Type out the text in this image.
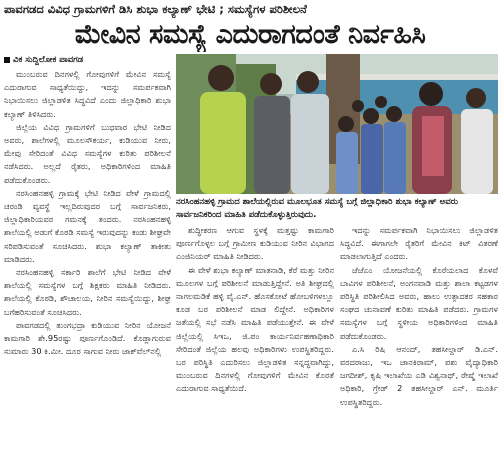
ಪಾವಗಡದ ವಿವಿಧ ಗ್ರಾಮಗಳಿಗೆ ಡಿಸಿ ಶುಭಾ ಕಲ್ಯಾಣ್ ಭೇಟಿ ; ಸಮಸ್ಯೆಗಳ ಪರಿಶೀಲನೆ
ಮೇವಿನ ಸಮಸ್ಯೆ ಎದುರಾಗದಂತೆ ನಿರ್ವಹಿಸಿ
ವಿಕ ಸುದ್ದಿಲೋಕ ಪಾವಗಡ

ಮುಂಬರುವ ದಿನಗಳಲ್ಲಿ ಗೋವುಗಳಿಗೆ ಮೇವಿನ ಸಮಸ್ಯೆ ಎದುರಾಗುವ ಸಾಧ್ಯತೆಯಿದ್ದು, ಇದನ್ನು ಸಮರ್ಪಕವಾಗಿ ನಿಭಾಯಿಸಲು ಜಿಲ್ಲಾಡಳಿತ ಸಿದ್ಧವಿದೆ ಎಂದು ಜಿಲ್ಲಾಧಿಕಾರಿ ಶುಭಾ ಕಲ್ಯಾಣ್ ತಿಳಿಸಿದರು.

ಜಿಲ್ಲೆಯ ವಿವಿಧ ಗ್ರಾಮಗಳಿಗೆ ಬುಧವಾರ ಭೇಟಿ ನೀಡಿದ ಅವರು, ಶಾಲೆಗಳಲ್ಲಿ ಮೂಲಸೌಕರ್ಯ, ಕುಡಿಯುವ ನೀರು, ಮೇವು ಸೇರಿದಂತೆ ವಿವಿಧ ಸಮಸ್ಯೆಗಳ ಕುರಿತು ಪರಿಶೀಲನೆ ನಡೆಸಿದರು. ಅಲ್ಲದೆ ರೈತರು, ಅಧಿಕಾರಿಗಳಿಂದ ಮಾಹಿತಿ ಪಡೆದುಕೊಂಡರು.

ನರಸಿಂಹನಹಳ್ಳಿ ಗ್ರಾಮಕ್ಕೆ ಭೇಟಿ ನೀಡಿದ ವೇಳೆ ಗ್ರಾಮದಲ್ಲಿ ಚರಂಡಿ ವ್ಯವಸ್ಥೆ ಇಲ್ಲದಿರುವುದರ ಬಗ್ಗೆ ಸಾರ್ವಜನಿಕರು, ಜಿಲ್ಲಾಧಿಕಾರಿಯವರ ಗಮನಕ್ಕೆ ತಂದರು. ನರಸಿಂಹನಹಳ್ಳಿ ಶಾಲೆಯಲ್ಲಿ ಅಡುಗೆ ಕೊಠಡಿ ಸಮಸ್ಯೆ ಇರುವುದನ್ನು ಕಂಡು ಶೀಘ್ರವೇ ಸರಿಪಡಿಸುವಂತೆ ಸೂಚಿಸಿದರು. ಶುಭಾ ಕಲ್ಯಾಣ್ ತಾಕೀತು ಮಾಡಿದರು.

ನರಸಿಂಹನಹಳ್ಳಿ ಸರ್ಕಾರಿ ಶಾಲೆಗೆ ಭೇಟಿ ನೀಡಿದ ವೇಳೆ ಶಾಲೆಯಲ್ಲಿ ಸಮಸ್ಯೆಗಳ ಬಗ್ಗೆ ಶಿಕ್ಷಕರು ಮಾಹಿತಿ ನೀಡಿದರು. ಶಾಲೆಯಲ್ಲಿ ಕೊಠಡಿ, ಶೌಚಾಲಯ, ನೀರಿನ ಸಮಸ್ಯೆಯಿದ್ದು, ಶೀಘ್ರ ಬಗೆಹರಿಸುವಂತೆ ಸೂಚಿಸಿದರು.

ಪಾವಗಡದಲ್ಲಿ ತುಂಗಭದ್ರಾ ಕುಡಿಯುವ ನೀರಿನ ಯೋಜನೆ ಕಾಮಗಾರಿ ಶೇ.95ರಷ್ಟು ಪೂರ್ಣಗೊಂಡಿದೆ. ಕೊಡ್ಲಾಗುರುವ ಸುಮಾರು 30 ಕಿ.ಮೀ. ದೂರ ಸಾಗುವ ನೀರು ಜಾಕ್‌ವೆಲ್‌ನಲ್ಲಿ

ನರಸಿಂಹನಹಳ್ಳಿ ಗ್ರಾಮದ ಶಾಲೆಯಲ್ಲಿರುವ ಮೂಲಭೂತ ಸಮಸ್ಯೆ ಬಗ್ಗೆ ಜಿಲ್ಲಾಧಿಕಾರಿ ಶುಭಾ ಕಲ್ಯಾಣ್ ಅವರು ಸಾರ್ವಜನಿಕರಿಂದ ಮಾಹಿತಿ ಪಡೆದುಕೊಳ್ಳುತ್ತಿರುವುದು.

ಶುದ್ಧೀಕರಣ ಆಗುವ ಸ್ಥಳಕ್ಕೆ ಮತ್ತಷ್ಟು ಕಾಮಗಾರಿ ಪೂರ್ಣಗೊಳ್ಳಲ ಬಗ್ಗೆ ಗ್ರಾಮೀಣ ಕುಡಿಯುವ ನೀರಿನ ವಿಭಾಗದ ಎಂಜಿನಿಯರ್ ಮಾಹಿತಿ ನೀಡಿದರು.

ಈ ವೇಳೆ ಶುಭಾ ಕಲ್ಯಾಣ್ ಮಾತನಾಡಿ, ಕೆರೆ ಮತ್ತು ನೀರಿನ ಮೂಲಗಳ ಬಗ್ಗೆ ಪರಿಶೀಲನೆ ಮಾಡುತ್ತಿದ್ದೇನೆ. ಅತಿ ಶೀಘ್ರದಲ್ಲಿ ನಾಗಲಮಡಿಕೆ ಹಳ್ಳಿ ವೈ.ಎನ್. ಹೊಸಕೋಟೆ ಹೋಬಳಿಗಳಲ್ಲೂ ಕೂಡ ಬರ ಪರಿಶೀಲನೆ ಮಾಡ ಲಿದ್ದೇನೆ. ಅಧಿಕಾರಿಗಳ ಜತೆಯಲ್ಲಿ ಸಭೆ ನಡೆಸಿ ಮಾಹಿತಿ ಪಡೆಯುತ್ತೇನೆ. ಈ ವೇಳೆ ಜಿಲ್ಲೆಯಲ್ಲಿ ಸಿಇಒ, ಜಿ.ಪಂ ಕಾರ್ಯನಿರ್ವಹಣಾಧಿಕಾರಿ ಸೇರಿದಂತೆ ಜಿಲ್ಲೆಯ ಹಲವು ಅಧಿಕಾರಿಗಳು ಉಪಸ್ಥಿತರಿದ್ದರು. ಬರ ಪರಿಸ್ಥಿತಿ ಎದುರಿಸಲು ಜಿಲ್ಲಾಡಳಿತ ಸನ್ನದ್ಧವಾಗಿದ್ದು, ಮುಂಬರುವ ದಿನಗಳಲ್ಲಿ ಗೋವುಗಳಿಗೆ ಮೇವಿನ ಕೊರತೆ ಎದುರಾಗುವ ಸಾಧ್ಯತೆಯಿದೆ.

ಇದನ್ನು ಸಮರ್ಪಕವಾಗಿ ನಿಭಾಯಿಸಲು ಜಿಲ್ಲಾಡಳಿತ ಸಿದ್ಧವಿದೆ. ಈಗಾಗಲೇ ರೈತರಿಗೆ ಮೇವಿನ ಕಿಟ್ ವಿತರಣೆ ಮಾಡಲಾಗುತ್ತಿದೆ ಎಂದರು.

ಜೆಜೆಎಂ ಯೋಜನೆಯಲ್ಲಿ ಕೊರೆಯಲಾದ ಕೊಳವೆ ಬಾವಿಗಳ ಪರಿಶೀಲನೆ, ಅಂಗನವಾಡಿ ಮತ್ತು ಶಾಲಾ ಕಟ್ಟಡಗಳ ಪರಿಸ್ಥಿತಿ ಪರಿಶೀಲಿಸಿದ ಅವರು, ಹಾಲು ಉತ್ಪಾದಕರ ಸಹಕಾರ ಸಂಘದ ಚುನಾವಣೆ ಕುರಿತು ಮಾಹಿತಿ ಪಡೆದರು. ಗ್ರಾಮಗಳ ಸಮಸ್ಯೆಗಳ ಬಗ್ಗೆ ಸ್ಥಳೀಯ ಅಧಿಕಾರಿಗಳಿಂದ ಮಾಹಿತಿ ಪಡೆದುಕೊಂಡರು.

ಎ.ಸಿ ರಿಷಿ ಆನಂದ್, ತಹಸೀಲ್ದಾರ್ ಡಿ.ಎನ್. ವರದರಾಜು, ಇಒ ಜಾನಕಿರಾಮ್, ಪಶು ವೈದ್ಯಾಧಿಕಾರಿ ಜಗದೀಶ್, ಕೃಷಿ ಇಲಾಖೆಯ ಎಡಿ ವಿಶ್ವನಾಥ್, ರೇಷ್ಮೆ ಇಲಾಖೆ ಅಧಿಕಾರಿ, ಗ್ರೇಡ್ 2 ತಹಸೀಲ್ದಾರ್ ಎನ್. ಮೂರ್ತಿ ಉಪಸ್ಥಿತರಿದ್ದರು.
